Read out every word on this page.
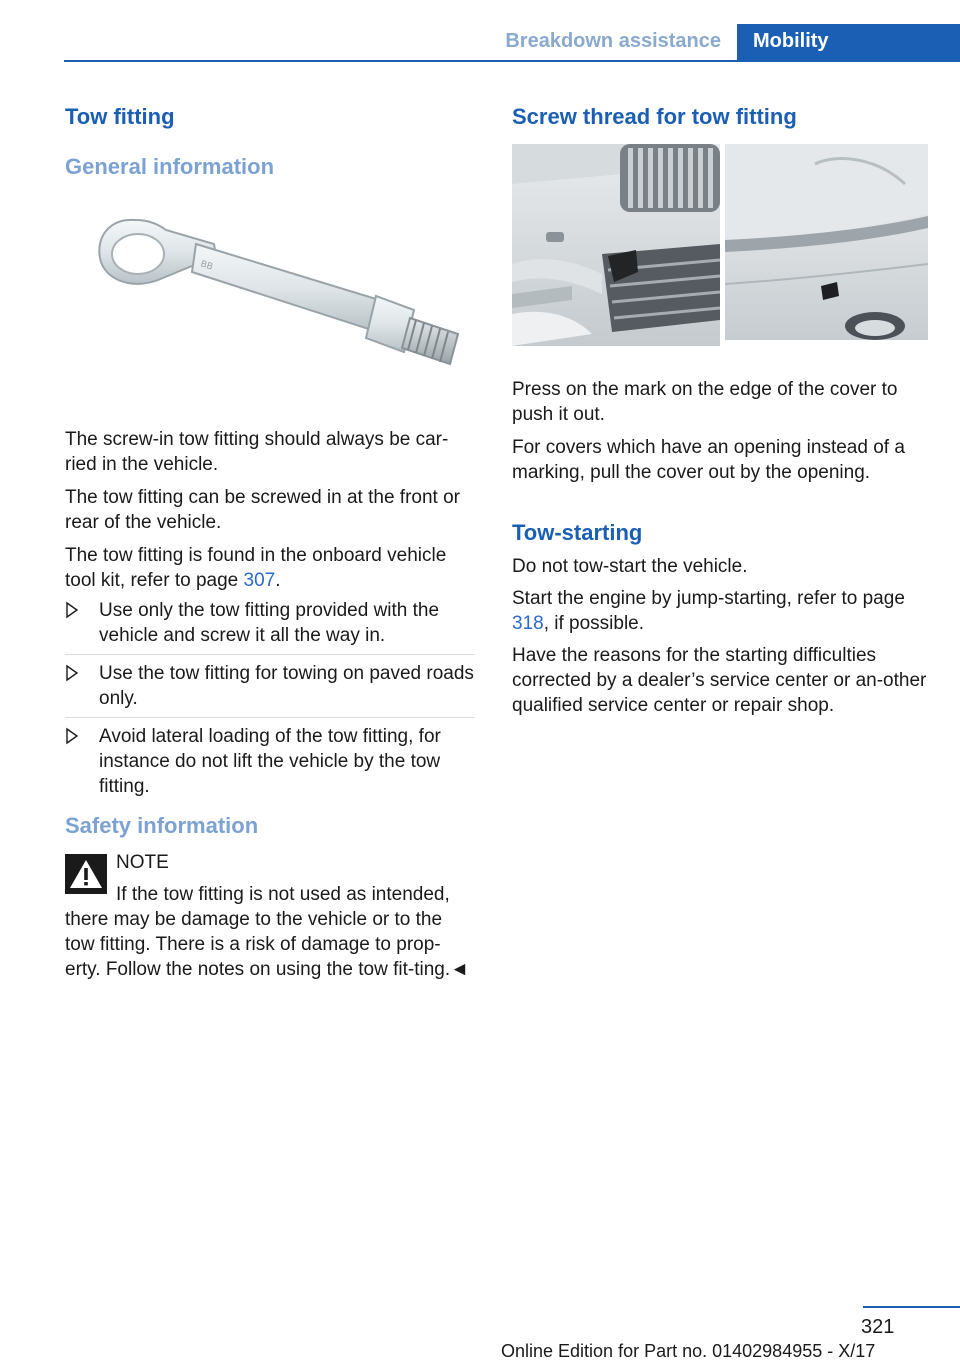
Breakdown assistance	Mobility
Tow fitting
General information
BB

The screw-in tow fitting should always be car-ried in the vehicle.

The tow fitting can be screwed in at the front or rear of the vehicle.

The tow fitting is found in the onboard vehicle tool kit, refer to page 307.

Use only the tow fitting provided with the vehicle and screw it all the way in.
Use the tow fitting for towing on paved roads only.
Avoid lateral loading of the tow fitting, for instance do not lift the vehicle by the tow fitting.
Safety information

NOTE

If the tow fitting is not used as intended, there may be damage to the vehicle or to the tow fitting. There is a risk of damage to prop-erty. Follow the notes on using the tow fit-ting.◄

Screw thread for tow fitting

Press on the mark on the edge of the cover to push it out.

For covers which have an opening instead of a marking, pull the cover out by the opening.

Tow-starting

Do not tow-start the vehicle.

Start the engine by jump-starting, refer to page 318, if possible.

Have the reasons for the starting difficulties corrected by a dealer’s service center or an-other qualified service center or repair shop.

321
Online Edition for Part no. 01402984955 - X/17
